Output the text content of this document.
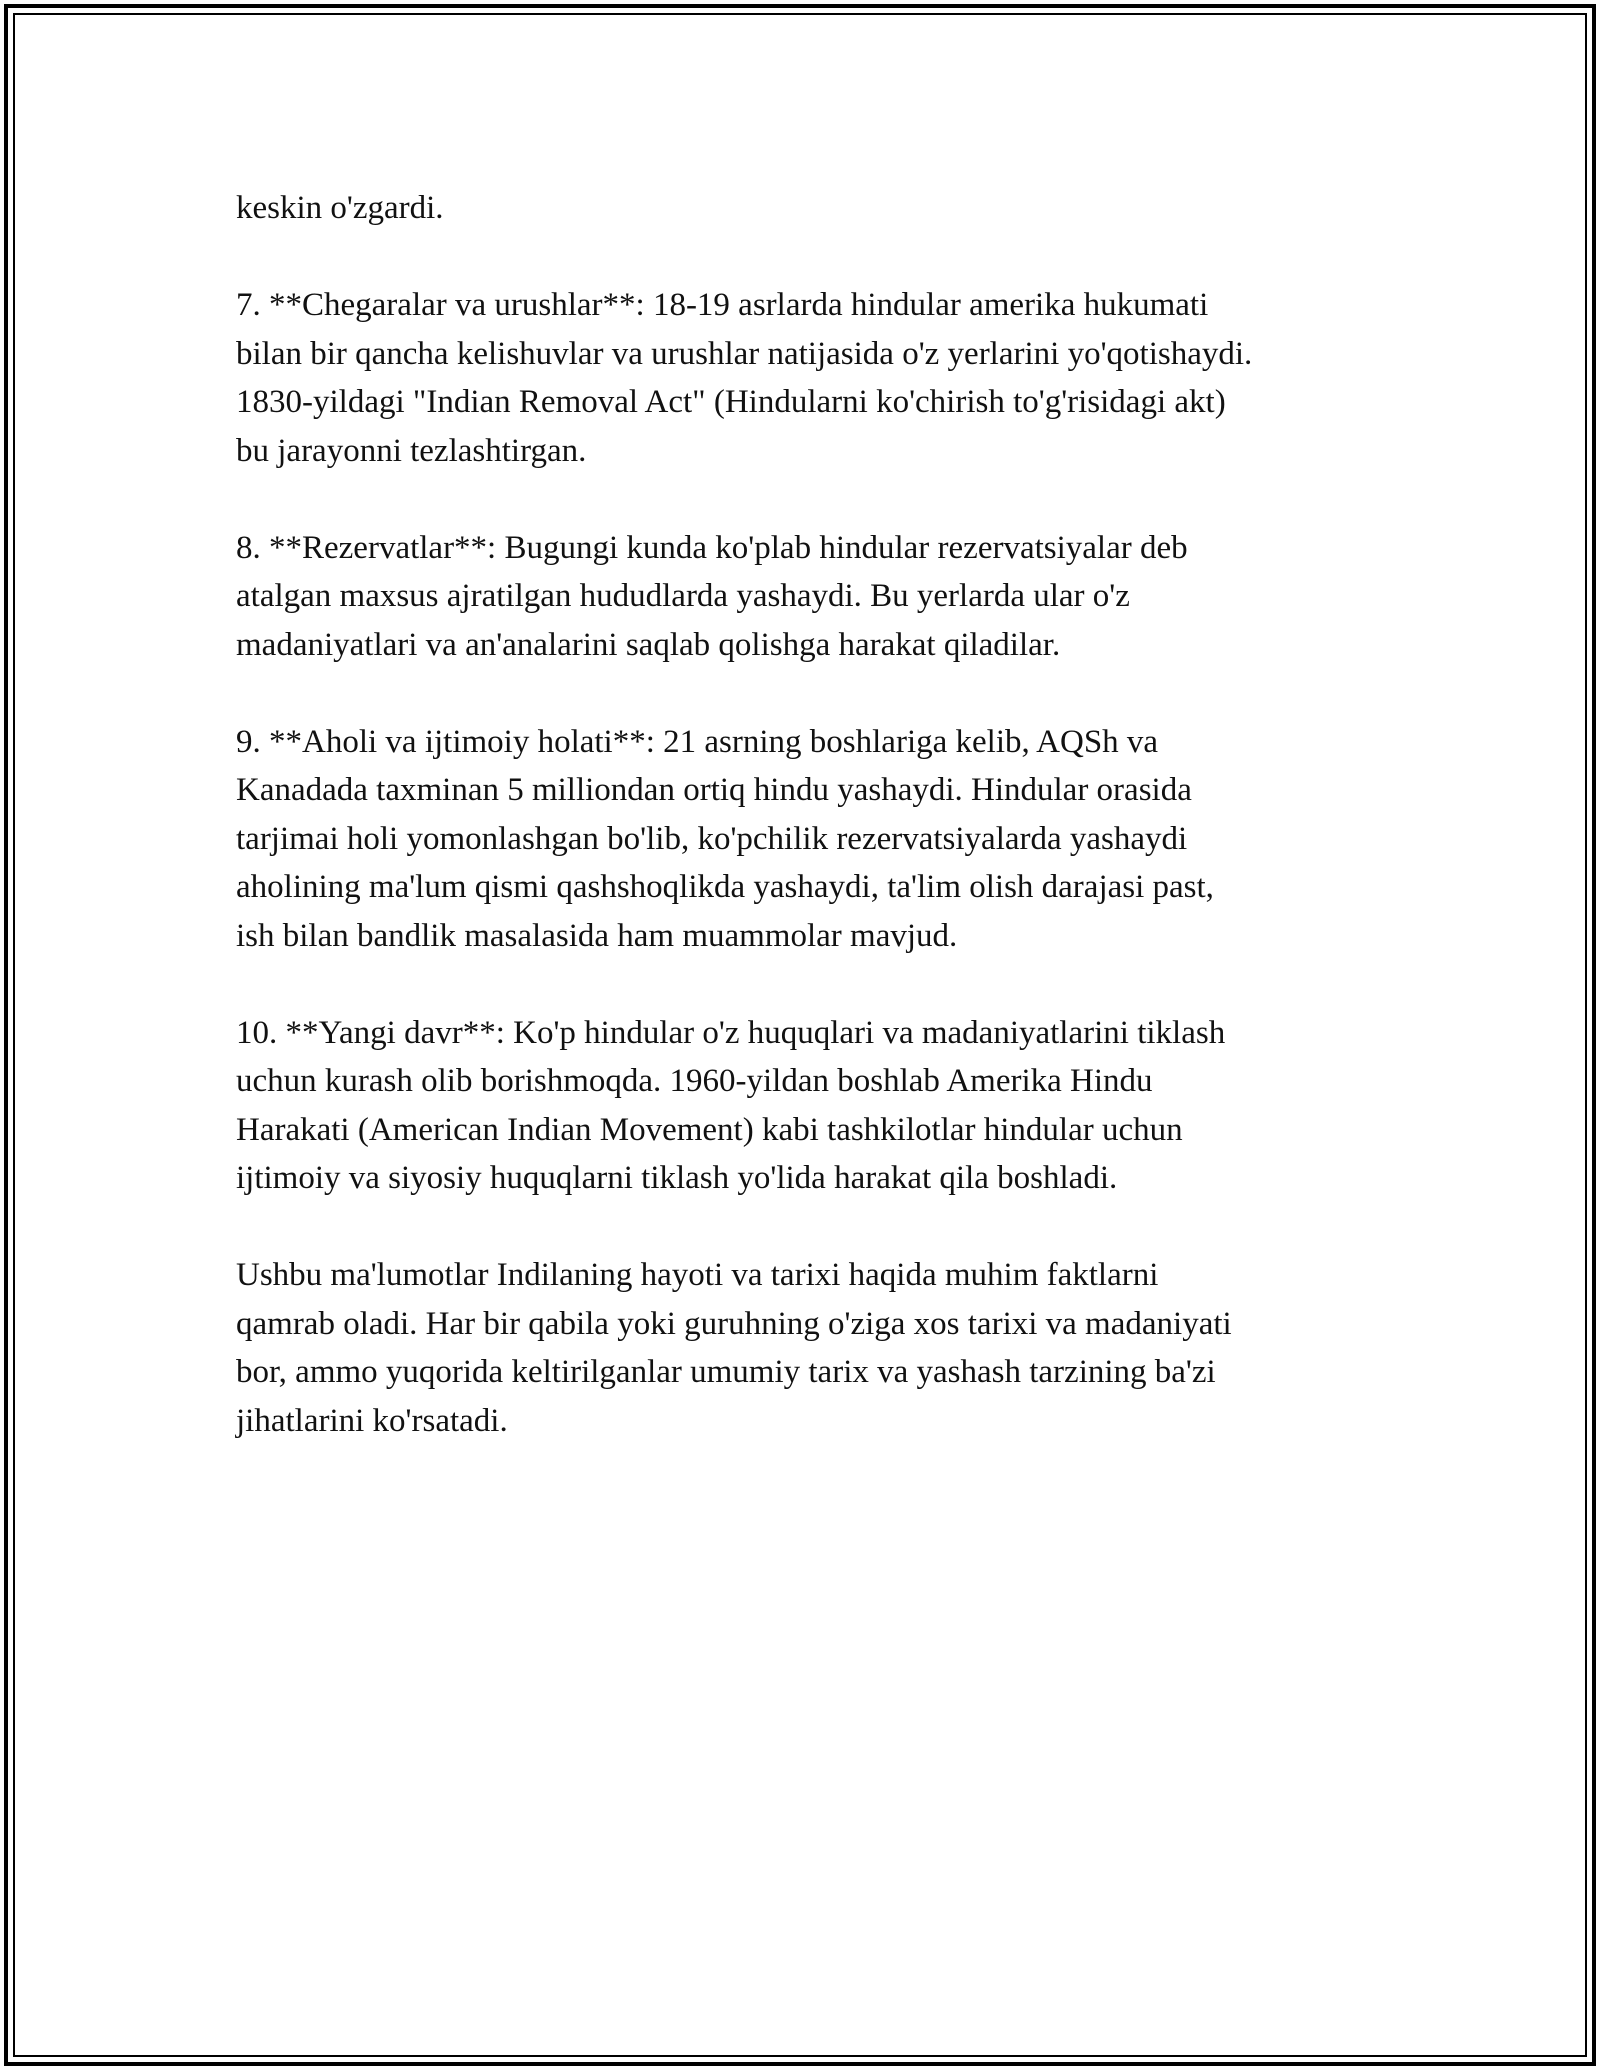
keskin o'zgardi.

7. **Chegaralar va urushlar**: 18-19 asrlarda hindular amerika hukumati
bilan bir qancha kelishuvlar va urushlar natijasida o'z yerlarini yo'qotishaydi.
1830-yildagi "Indian Removal Act" (Hindularni ko'chirish to'g'risidagi akt)
bu jarayonni tezlashtirgan.

8. **Rezervatlar**: Bugungi kunda ko'plab hindular rezervatsiyalar deb
atalgan maxsus ajratilgan hududlarda yashaydi. Bu yerlarda ular o'z
madaniyatlari va an'analarini saqlab qolishga harakat qiladilar.

9. **Aholi va ijtimoiy holati**: 21 asrning boshlariga kelib, AQSh va
Kanadada taxminan 5 milliondan ortiq hindu yashaydi. Hindular orasida
tarjimai holi yomonlashgan bo'lib, ko'pchilik rezervatsiyalarda yashaydi
aholining ma'lum qismi qashshoqlikda yashaydi, ta'lim olish darajasi past,
ish bilan bandlik masalasida ham muammolar mavjud.

10. **Yangi davr**: Ko'p hindular o'z huquqlari va madaniyatlarini tiklash
uchun kurash olib borishmoqda. 1960-yildan boshlab Amerika Hindu
Harakati (American Indian Movement) kabi tashkilotlar hindular uchun
ijtimoiy va siyosiy huquqlarni tiklash yo'lida harakat qila boshladi.

Ushbu ma'lumotlar Indilaning hayoti va tarixi haqida muhim faktlarni
qamrab oladi. Har bir qabila yoki guruhning o'ziga xos tarixi va madaniyati
bor, ammo yuqorida keltirilganlar umumiy tarix va yashash tarzining ba'zi
jihatlarini ko'rsatadi.
